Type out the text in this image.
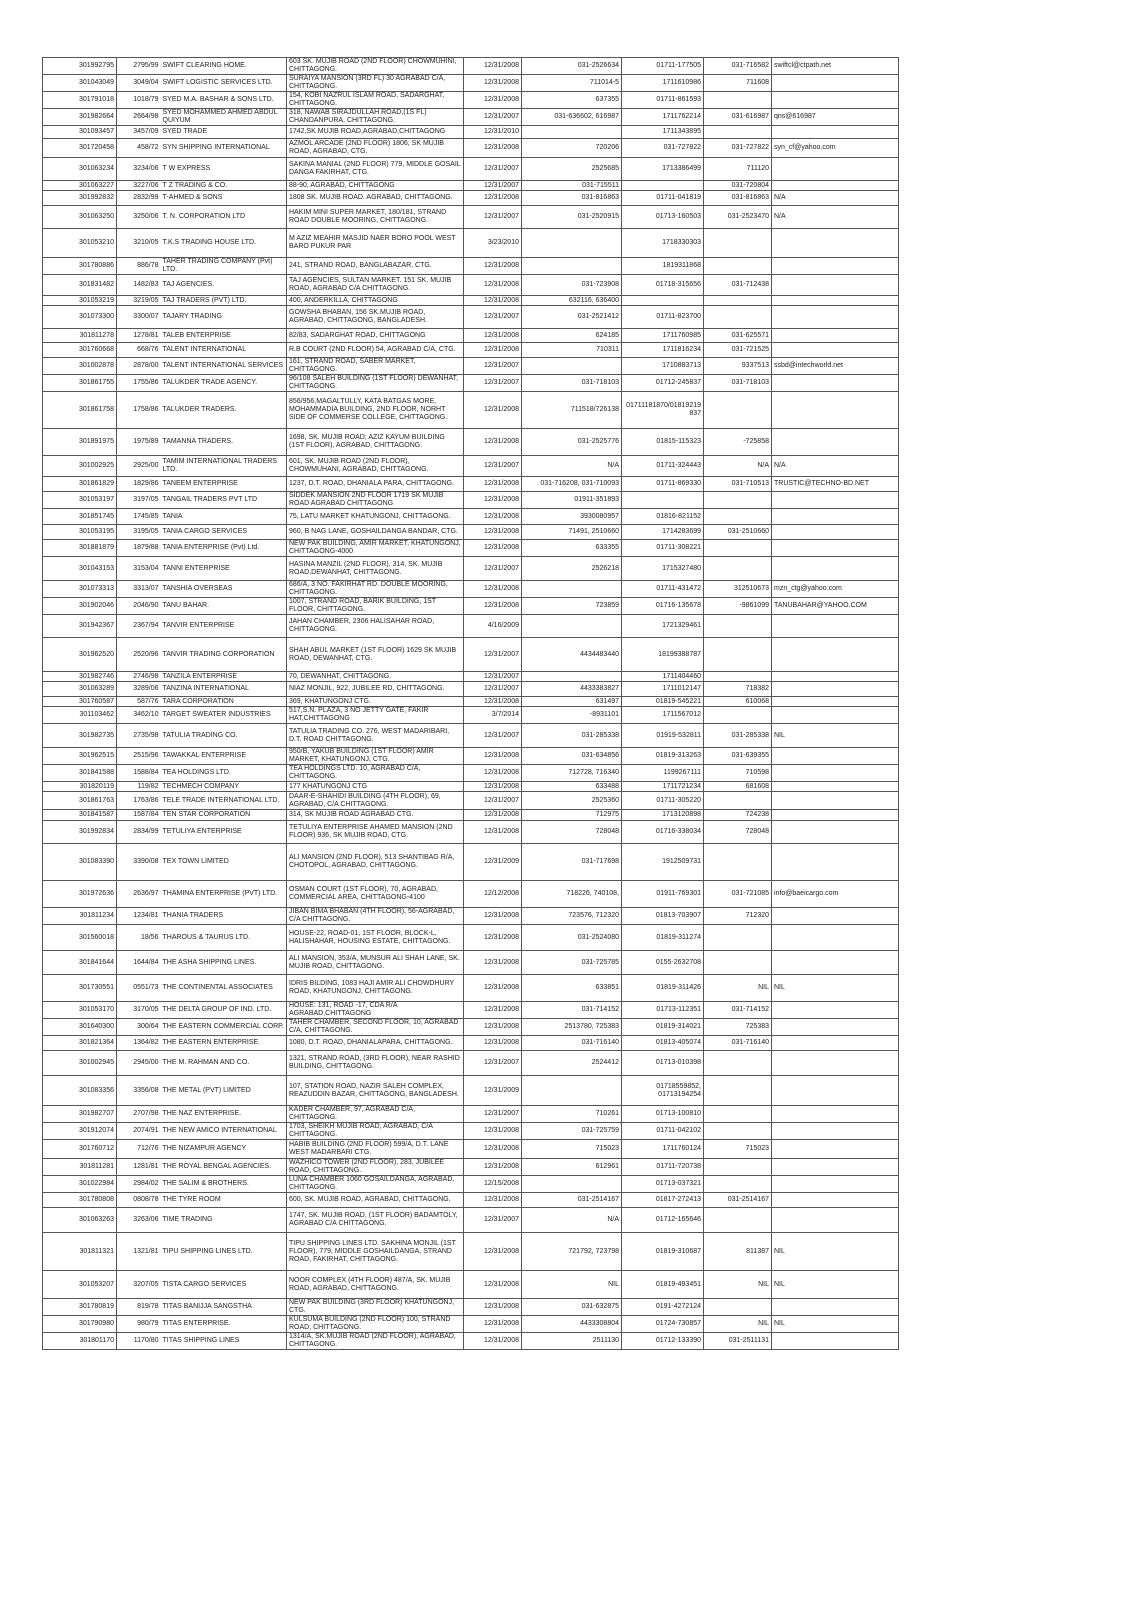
301992795	2795/99	SWIFT CLEARING HOME.	603 SK. MUJIB ROAD (2ND FLOOR) CHOWMUHINI, CHITTAGONG.	12/31/2008	031-2526634	01711-177505	031-716582	swiftcl@ctpath.net
301043049	3049/04	SWIFT LOGISTIC SERVICES LTD.	SURAIYA MANSION (3RD FL) 30 AGRABAD C/A, CHITTAGONG.	12/31/2008	711014-5	1711610986	711608	
301791018	1018/79	SYED M.A. BASHAR & SONS LTD.	154, KOBI NAZRUL ISLAM ROAD, SADARGHAT, CHITTAGONG.	12/31/2008	637355	01711-861593		
301982664	2664/98	SYED MOHAMMED AHMED ABDUL QUIYUM	318, NAWAB SIRAJDULLAH ROAD,(1S FL) CHANDANPURA, CHITTAGONG.	12/31/2007	031-636602, 616987	1711762214	031-616987	qns@616987
301093457	3457/09	SYED TRADE	1742,SK MUJIB ROAD,AGRABAD,CHITTAGONG	12/31/2010		1711343895		
301720458	458/72	SYN SHIPPING INTERNATIONAL	AZMOL ARCADE (2ND FLOOR) 1806, SK MUJIB ROAD, AGRABAD, CTG.	12/31/2008	720206	031-727822	031-727822	syn_cf@yahoo.com
301063234	3234/06	T W EXPRESS	SAKINA MANIAL (2ND FLOOR) 779, MIDDLE GOSAIL DANGA FAKIRHAT, CTG.	12/31/2007	2525685	1713386499	711120	
301063227	3227/06	T Z TRADING & CO.	88-90, AGRABAD, CHITTAGONG	12/31/2007	031-715511		031-720804	
301992832	2832/99	T-AHMED & SONS	1808 SK. MUJIB ROAD. AGRABAD, CHITTAGONG.	12/31/2008	031-816863	01711-041819	031-816863	N/A
301063250	3250/06	T. N. CORPORATION LTD	HAKIM MINI SUPER MARKET, 180/181, STRAND ROAD DOUBLE MOORING, CHITTAGONG.	12/31/2007	031-2520915	01713-160503	031-2523470	N/A
301053210	3210/05	T.K.S TRADING HOUSE LTD.	M AZIZ MEAHIR MASJID NAER BORO POOL WEST BARO PUKUR PAR	3/23/2010		1718330303		
301780886	886/78	TAHER TRADING COMPANY (Pvt) LTD.	241, STRAND ROAD, BANGLABAZAR, CTG.	12/31/2008		1819311868		
301831482	1482/83	TAJ AGENCIES.	TAJ AGENCIES, SULTAN MARKET. 151 SK. MUJIB ROAD, AGRABAD C/A CHITTAGONG.	12/31/2008	031-723908	01718-315656	031-712438	
301053219	3219/05	TAJ TRADERS (PVT) LTD.	400, ANDERKILLA, CHITTAGONG	12/31/2008	632116, 636400			
301073300	3300/07	TAJARY TRADING	GOWSHA BHABAN, 156 SK.MUJIB ROAD, AGRABAD, CHITTAGONG, BANGLADESH.	12/31/2007	031-2521412	01711-823700		
301811278	1278/81	TALEB ENTERPRISE	82/83, SADARGHAT ROAD, CHITTAGONG	12/31/2008	624185	1711760985	031-625571	
301760668	668/76	TALENT INTERNATIONAL	R.B COURT (2ND FLOOR) 54, AGRABAD C/A, CTG.	12/31/2008	710311	1711816234	031-721525	
301002878	2878/00	TALENT INTERNATIONAL SERVICES	161, STRAND ROAD, SABER MARKET, CHITTAGONG.	12/31/2007		1710883713	9337513	ssbd@intechworld.net
301861755	1755/86	TALUKDER TRADE AGENCY.	96/108 SALEH BUILDING (1ST FLOOR) DEWANHAT, CHITTAGONG.	12/31/2007	031-718103	01712-245837	031-718103	
301861758	1758/86	TALUKDER TRADERS.	856/956,MAGALTULLY, KATA BATGAS MORE, MOHAMMADIA BUILDING, 2ND FLOOR, NORHT SIDE OF COMMERSE COLLEGE, CHITTAGONG.	12/31/2008	711518/726138	01711181870/01819219837		
301891975	1975/89	TAMANNA TRADERS.	1698, SK. MUJIB ROAD; AZIZ KAYUM BUILDING (1ST FLOOR), AGRABAD, CHITTAGONG.	12/31/2008	031-2525776	01815-115323	-725858	
301002925	2925/00	TAMIM INTERNATIONAL TRADERS LTD.	601, SK. MUJIB ROAD (2ND FLOOR), CHOWMUHANI, AGRABAD, CHITTAGONG.	12/31/2007	N/A	01711-324443	N/A	N/A
301861829	1829/86	TANEEM ENTERPRISE	1237, D.T. ROAD, DHANIALA PARA, CHITTAGONG.	12/31/2008	031-716208, 031-710093	01711-869330	031-710513	TRUSTIC@TECHNO-BD.NET
301053197	3197/05	TANGAIL TRADERS PVT LTD	SIDDEK MANSION 2ND FLOOR 1719 SK MUJIB ROAD AGRABAD CHITTAGONG	12/31/2008	01911-351893			
301851745	1745/85	TANIA	75, LATU MARKET KHATUNGONJ, CHITTAGONG.	12/31/2008	3930080957	01816-821152		
301053195	3195/05	TANIA CARGO SERVICES	960, B NAG LANE, GOSHAILDANGA BANDAR, CTG.	12/31/2008	71491, 2510660	1714283699	031-2510660	
301881879	1879/88	TANIA ENTERPRISE (Pvt) Ltd.	NEW PAK BUILDING, AMIR MARKET, KHATUNGONJ, CHITTAGONG-4000	12/31/2008	633355	01711-308221		
301043153	3153/04	TANNI ENTERPRISE	HASINA MANZIL (2ND FLOOR), 314, SK. MUJIB ROAD,DEWANHAT, CHITTAGONG.	12/31/2007	2526218	1715327480		
301073313	3313/07	TANSHIA OVERSEAS	686/A, 3 NO. FAKIRHAT RD. DOUBLE MOORING, CHITTAGONG.	12/31/2008		01711-431472	312510673	mzn_ctg@yahoo.com
301902046	2046/90	TANU BAHAR.	1007, STRAND ROAD, BARIK BUILDING, 1ST FLOOR, CHITTAGONG.	12/31/2008	723859	01716-135678	-9861099	TANUBAHAR@YAHOO.COM
301942367	2367/94	TANVIR ENTERPRISE	JAHAN CHAMBER, 2306 HALISAHAR ROAD, CHITTAGONG.	4/16/2009		1721329461		
301962520	2520/96	TANVIR TRADING CORPORATION	SHAH ABUL MARKET (1ST FLOOR) 1629 SK MUJIB ROAD, DEWANHAT, CTG.	12/31/2007	4434483440	18199388787		
301982746	2746/98	TANZILA ENTERPRISE	70, DEWANHAT, CHITTAGONG.	12/31/2007		1711404460		
301063289	3289/06	TANZINA INTERNATIONAL	NIAZ MONJIL, 922, JUBILEE RD, CHITTAGONG.	12/31/2007	4433383827	1711012147	718382	
301760587	587/76	TARA CORPORATION	369, KHATUNGONJ CTG.	12/31/2008	631497	01819-545221	610068	
301103462	3462/10	TARGET SWEATER INDUSTRIES	517,S.N. PLAZA, 3 NO JETTY GATE, FAKIR HAT,CHITTAGONG	3/7/2014	-8931101	1711567012		
301982735	2735/98	TATULIA TRADING CO.	TATULIA TRADING CO. 276, WEST MADARIBARI, D.T. ROAD CHITTAGONG.	12/31/2007	031-285338	01919-532811	031-285338	NIL
301962515	2515/96	TAWAKKAL ENTERPRISE	950/B, YAKUB BUILDING (1ST FLOOR) AMIR MARKET, KHATUNGONJ, CTG.	12/31/2008	031-634856	01819-313263	031-639355	
301841588	1588/84	TEA HOLDINGS LTD.	TEA HOLDINGS LTD. 10, AGRABAD C/A, CHITTAGONG.	12/31/2008	712728, 716340	1199267111	710598	
301820119	119/82	TECHMECH COMPANY	177 KHATUNGONJ CTG	12/31/2008	633488	1711721234	681608	
301861763	1763/86	TELE TRADE INTERNATIONAL LTD.	DAAR-E-SHAHIDI BUILDING (4TH FLOOR), 69, AGRABAD, C/A CHITTAGONG.	12/31/2007	2525360	01711-305220		
301841587	1587/84	TEN STAR CORPORATION	314, SK MUJIB ROAD AGRABAD CTG.	12/31/2008	712975	1713120898	724238	
301992834	2834/99	TETULIYA ENTERPRISE	TETULIYA ENTERPRISE AHAMED MANSION (2ND FLOOR) 936, SK MUJIB ROAD, CTG.	12/31/2008	728048	01716-338034	728048	
301083390	3390/08	TEX TOWN LIMITED	ALI MANSION (2ND FLOOR), 513 SHANTIBAG R/A, CHOTOPOL, AGRABAD, CHITTAGONG.	12/31/2009	031-717698	1912509731		
301972636	2636/97	THAMINA ENTERPRISE (PVT) LTD.	OSMAN COURT (1ST FLOOR), 70, AGRABAD, COMMERCIAL AREA, CHITTAGONG-4100	12/12/2008	718226, 740108,	01911-769301	031-721085	info@baeicargo.com
301811234	1234/81	THANIA TRADERS	JIBAN BIMA BHABAN (4TH FLOOR), 56-AGRABAD, C/A CHITTAGONG.	12/31/2008	723576, 712320	01813-703907	712320	
301560018	18/56	THAROUS & TAURUS LTD.	HOUSE-22, ROAD-01, 1ST FLOOR, BLOCK-L, HALISHAHAR, HOUSING ESTATE, CHITTAGONG.	12/31/2008	031-2524080	01819-311274		
301841644	1644/84	THE ASHA SHIPPING LINES.	ALI MANSION, 353/A, MUNSUR ALI SHAH LANE, SK. MUJIB ROAD, CHITTAGONG.	12/31/2008	031-725785	0155-2632708		
301730551	0551/73	THE CONTINENTAL ASSOCIATES	IDRIS BILDING, 1083 HAJI AMIR ALI CHOWDHURY ROAD, KHATUNGONJ, CHITTAGONG.	12/31/2008	633851	01819-311426	NIL	NIL
301053170	3170/05	THE DELTA GROUP OF IND. LTD.	HOUSE: 131, ROAD -17, CDA R/A AGRABAD,CHITTAGONG	12/31/2008	031-714152	01713-112351	031-714152	
301640300	300/64	THE EASTERN COMMERCIAL CORP.	TAHER CHAMBER, SECOND FLOOR, 10, AGRABAD C/A, CHITTAGONG.	12/31/2008	2513780, 725383	01819-314021	725383	
301821364	1364/82	THE EASTERN ENTERPRISE.	1080, D.T. ROAD, DHANIALAPARA, CHITTAGONG.	12/31/2008	031-716140	01813-405074	031-716140	
301002945	2945/00	THE M. RAHMAN AND CO.	1321, STRAND ROAD, (3RD FLOOR), NEAR RASHID BUILDING, CHITTAGONG.	12/31/2007	2524412	01713-010398		
301083356	3356/08	THE METAL (PVT) LIMITED	107, STATION ROAD, NAZIR SALEH COMPLEX, REAZUDDIN BAZAR, CHITTAGONG, BANGLADESH.	12/31/2009		01718559852, 01713194254		
301982707	2707/98	THE NAZ ENTERPRISE.	KADER CHAMBER, 97, AGRABAD C/A, CHITTAGONG.	12/31/2007	710261	01713-100810		
301912074	2074/91	THE NEW AMICO INTERNATIONAL	1703, SHEIKH MUJIB ROAD, AGRABAD, C/A CHITTAGONG.	12/31/2008	031-725759	01711-042102		
301760712	712/76	THE NIZAMPUR AGENCY	HABIB BUILDING (2ND FLOOR) 599/A, D.T. LANE WEST MADARBARI CTG.	12/31/2008	715023	1711760124	715023	
301811281	1281/81	THE ROYAL BENGAL AGENCIES.	WAZHICO TOWER (2ND FLOOR), 283, JUBILEE ROAD, CHITTAGONG.	12/31/2008	612961	01711-720738		
301022984	2984/02	THE SALIM & BROTHERS.	LUNA CHAMBER 1060 GOSAILDANGA, AGRABAD, CHITTAGONG.	12/15/2008		01713-037321		
301780808	0808/78	THE TYRE ROOM	600, SK. MUJIB ROAD, AGRABAD, CHITTAGONG.	12/31/2008	031-2514167	01817-272413	031-2514167	
301063263	3263/06	TIME TRADING	1747, SK. MUJIB ROAD, (1ST FLOOR) BADAMTOLY, AGRABAD C/A CHITTAGONG.	12/31/2007	N/A	01712-165646		
301811321	1321/81	TIPU SHIPPING LINES LTD.	TIPU SHIPPING LINES LTD. SAKHINA MONJIL (1ST FLOOR), 779, MIDDLE GOSHAILDANGA, STRAND ROAD, FAKIRHAT, CHITTAGONG.	12/31/2008	721792, 723798	01819-310687	811387	NIL
301053207	3207/05	TISTA CARGO SERVICES	NOOR COMPLEX (4TH FLOOR) 487/A, SK. MUJIB ROAD, AGRABAD, CHITTAGONG.	12/31/2008	NIL	01819-493451	NIL	NIL
301780819	819/78	TITAS BANIJJA SANGSTHA	NEW PAK BUILDING (3RD FLOOR) KHATUNGONJ, CTG.	12/31/2008	031-632875	0191-4272124		
301790980	980/79	TITAS ENTERPRISE.	KULSUMA BUILDING (2ND FLOOR) 100, STRAND ROAD, CHITTAGONG.	12/31/2008	4433308804	01724-730857	NIL	NIL
301801170	1170/80	TITAS SHIPPING LINES	1314/A, SK.MUJIB ROAD (2ND FLOOR), AGRABAD, CHITTAGONG.	12/31/2008	2511130	01712-133390	031-2511131	
